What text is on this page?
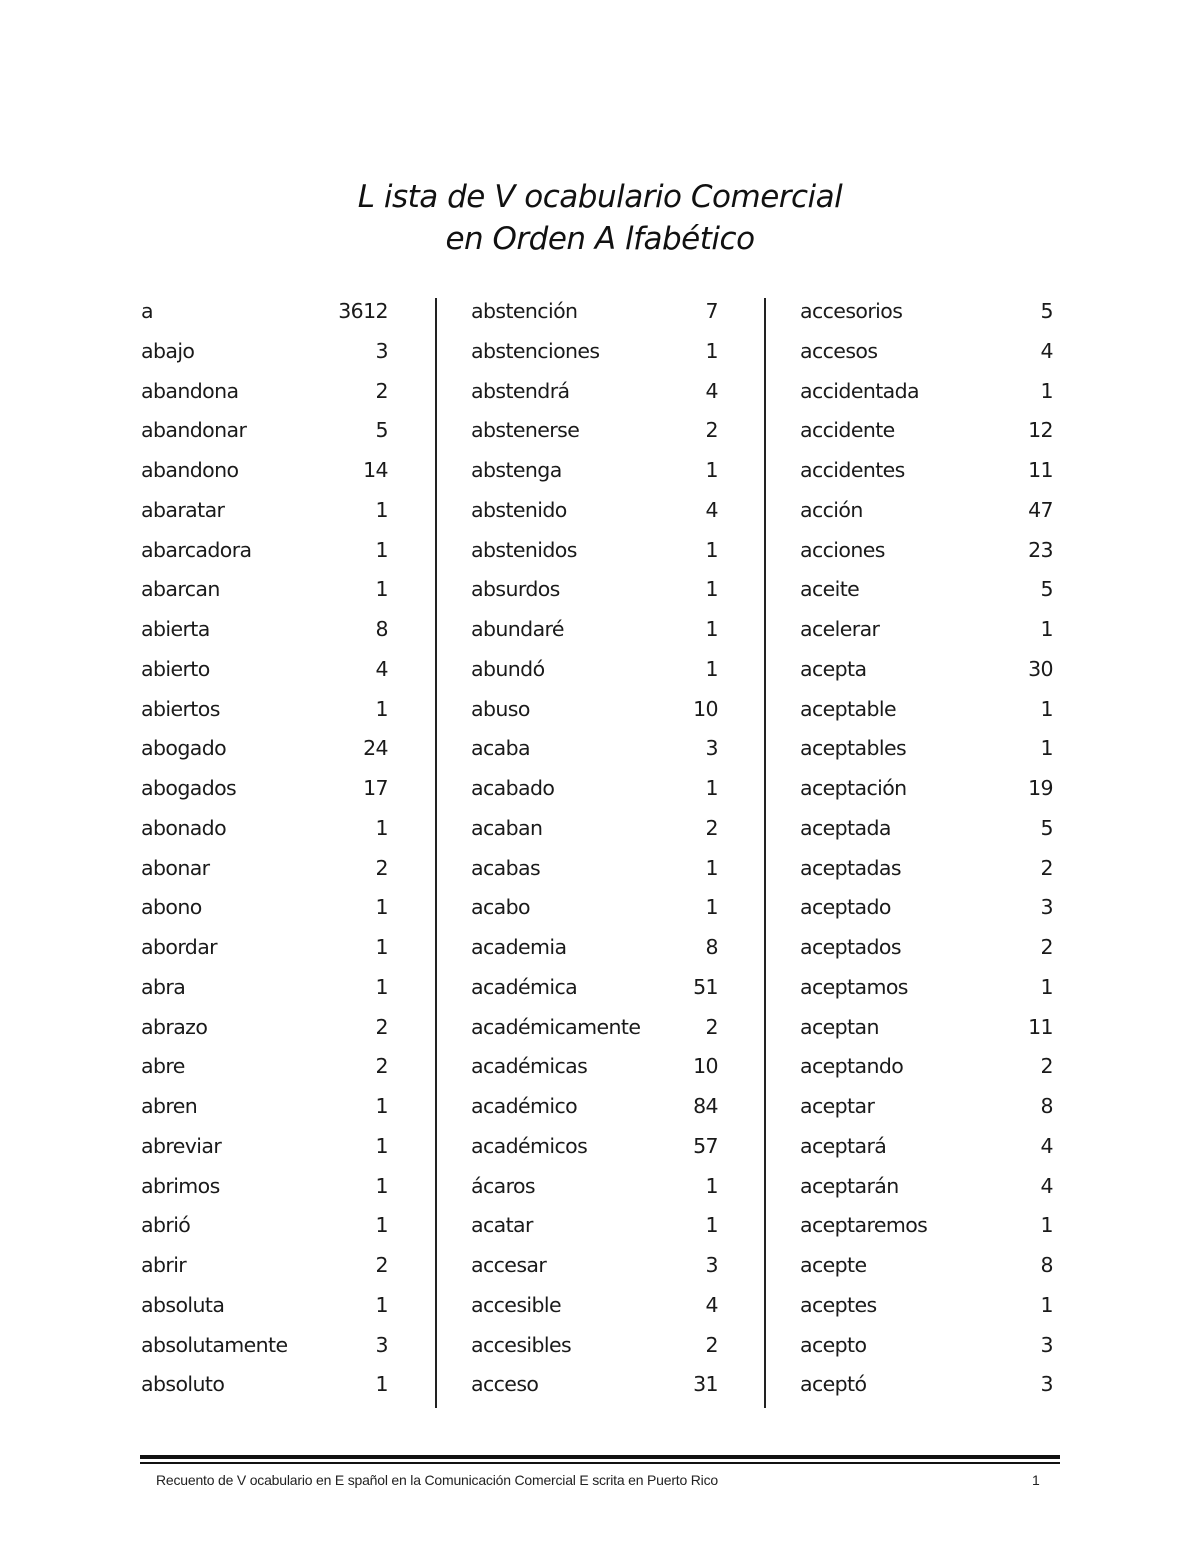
L ista de V ocabulario Comercial
en Orden A lfabético
a	3612
abajo	3
abandona	2
abandonar	5
abandono	14
abaratar	1
abarcadora	1
abarcan	1
abierta	8
abierto	4
abiertos	1
abogado	24
abogados	17
abonado	1
abonar	2
abono	1
abordar	1
abra	1
abrazo	2
abre	2
abren	1
abreviar	1
abrimos	1
abrió	1
abrir	2
absoluta	1
absolutamente	3
absoluto	1
abstención	7
abstenciones	1
abstendrá	4
abstenerse	2
abstenga	1
abstenido	4
abstenidos	1
absurdos	1
abundaré	1
abundó	1
abuso	10
acaba	3
acabado	1
acaban	2
acabas	1
acabo	1
academia	8
académica	51
académicamente	2
académicas	10
académico	84
académicos	57
ácaros	1
acatar	1
accesar	3
accesible	4
accesibles	2
acceso	31
accesorios	5
accesos	4
accidentada	1
accidente	12
accidentes	11
acción	47
acciones	23
aceite	5
acelerar	1
acepta	30
aceptable	1
aceptables	1
aceptación	19
aceptada	5
aceptadas	2
aceptado	3
aceptados	2
aceptamos	1
aceptan	11
aceptando	2
aceptar	8
aceptará	4
aceptarán	4
aceptaremos	1
acepte	8
aceptes	1
acepto	3
aceptó	3
Recuento de V ocabulario en E spañol en la Comunicación Comercial E scrita en Puerto Rico	1
